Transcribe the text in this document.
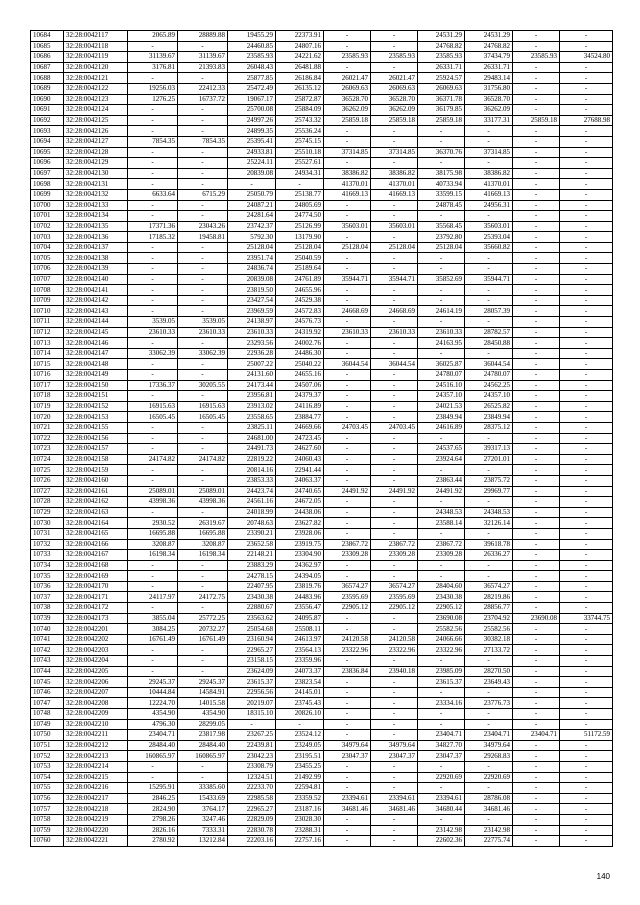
10684	32:28:0042117	2065.89	28889.88	19455.29	22373.91	-	-	24531.29	24531.29	-	-
10685	32:28:0042118	-	-	24460.85	24807.16	-	-	24768.82	24768.82	-	-
10686	32:28:0042119	31139.67	31139.67	23585.93	24221.62	23585.93	23585.93	23585.93	37434.79	23585.93	34524.80
10687	32:28:0042120	3176.81	21393.83	26048.43	26481.88	-	-	26331.71	26331.71	-	-
10688	32:28:0042121	-	-	25877.85	26186.84	26021.47	26021.47	25924.57	29483.14	-	-
10689	32:28:0042122	19256.03	22412.33	25472.49	26135.12	26069.63	26069.63	26069.63	31756.80	-	-
10690	32:28:0042123	1276.25	16737.72	19067.17	25872.87	36528.70	36528.70	36371.78	36528.70	-	-
10691	32:28:0042124	-	-	25700.08	25884.09	36262.09	36262.09	36179.85	36262.09	-	-
10692	32:28:0042125	-	-	24997.26	25743.32	25859.18	25859.18	25859.18	33177.31	25859.18	27688.98
10693	32:28:0042126	-	-	24899.35	25536.24	-	-	-	-	-	-
10694	32:28:0042127	7854.35	7854.35	25395.41	25745.15	-	-	-	-	-	-
10695	32:28:0042128	-	-	24933.81	25510.18	37314.85	37314.85	36370.76	37314.85	-	-
10696	32:28:0042129	-	-	25224.11	25527.61	-	-	-	-	-	-
10697	32:28:0042130	-	-	20839.08	24934.31	38386.82	38386.82	38175.98	38386.82	-	-
10698	32:28:0042131	-	-	-	-	41370.01	41370.01	40733.94	41370.01	-	-
10699	32:28:0042132	6633.64	6715.29	25050.79	25138.77	41669.13	41669.13	33599.15	41669.13	-	-
10700	32:28:0042133	-	-	24087.21	24805.69	-	-	24878.45	24956.31	-	-
10701	32:28:0042134	-	-	24281.64	24774.50	-	-	-	-	-	-
10702	32:28:0042135	17371.36	23043.26	23742.37	25126.99	35603.01	35603.01	35568.45	35603.01	-	-
10703	32:28:0042136	17185.32	19458.81	5792.30	13179.90	-	-	23792.80	25393.04	-	-
10704	32:28:0042137	-	-	25128.04	25128.04	25128.04	25128.04	25128.04	35660.82	-	-
10705	32:28:0042138	-	-	23951.74	25040.59	-	-	-	-	-	-
10706	32:28:0042139	-	-	24836.74	25189.64	-	-	-	-	-	-
10707	32:28:0042140	-	-	20839.08	24761.89	35944.71	35944.71	35852.69	35944.71	-	-
10708	32:28:0042141	-	-	23819.50	24655.96	-	-	-	-	-	-
10709	32:28:0042142	-	-	23427.54	24529.38	-	-	-	-	-	-
10710	32:28:0042143	-	-	23969.59	24572.83	24668.69	24668.69	24614.19	28057.39	-	-
10711	32:28:0042144	3539.05	3539.05	24138.97	24576.73	-	-	-	-	-	-
10712	32:28:0042145	23610.33	23610.33	23610.33	24319.92	23610.33	23610.33	23610.33	28782.57	-	-
10713	32:28:0042146	-	-	23293.56	24002.76	-	-	24163.95	28450.88	-	-
10714	32:28:0042147	33062.39	33062.39	22936.28	24486.30	-	-	-	-	-	-
10715	32:28:0042148	-	-	25007.22	25040.22	36044.54	36044.54	36025.87	36044.54	-	-
10716	32:28:0042149	-	-	24131.60	24655.16	-	-	24780.07	24780.07	-	-
10717	32:28:0042150	17336.37	30205.55	24173.44	24507.06	-	-	24516.10	24562.25	-	-
10718	32:28:0042151	-	-	23956.81	24379.37	-	-	24357.10	24357.10	-	-
10719	32:28:0042152	16915.63	16915.63	23913.02	24116.89	-	-	24021.53	26525.82	-	-
10720	32:28:0042153	16505.45	16505.45	23558.65	23884.77	-	-	23849.94	23849.94	-	-
10721	32:28:0042155	-	-	23825.11	24669.66	24703.45	24703.45	24616.89	28375.12	-	-
10722	32:28:0042156	-	-	24681.00	24723.45	-	-	-	-	-	-
10723	32:28:0042157	-	-	24491.73	24627.60	-	-	24537.65	39317.13	-	-
10724	32:28:0042158	24174.82	24174.82	22819.22	24060.43	-	-	23924.64	27201.01	-	-
10725	32:28:0042159	-	-	20814.16	22941.44	-	-	-	-	-	-
10726	32:28:0042160	-	-	23853.33	24063.37	-	-	23863.44	23875.72	-	-
10727	32:28:0042161	25089.01	25089.01	24423.74	24740.65	24491.92	24491.92	24491.92	29969.77	-	-
10728	32:28:0042162	43998.36	43998.36	24561.16	24672.05	-	-	-	-	-	-
10729	32:28:0042163	-	-	24018.99	24438.06	-	-	24348.53	24348.53	-	-
10730	32:28:0042164	2930.52	26319.67	20748.63	23627.82	-	-	23588.14	32126.14	-	-
10731	32:28:0042165	16695.88	16695.88	23390.21	23928.06	-	-	-	-	-	-
10732	32:28:0042166	3208.87	3208.87	23652.58	23919.75	23867.72	23867.72	23867.72	39618.78	-	-
10733	32:28:0042167	16198.34	16198.34	22148.21	23304.90	23309.28	23309.28	23309.28	26336.27	-	-
10734	32:28:0042168	-	-	23883.29	24362.97	-	-	-	-	-	-
10735	32:28:0042169	-	-	24278.15	24394.05	-	-	-	-	-	-
10736	32:28:0042170	-	-	22407.95	23819.76	36574.27	36574.27	28404.60	36574.27	-	-
10737	32:28:0042171	24117.97	24172.75	23430.38	24483.96	23595.69	23595.69	23430.38	28219.86	-	-
10738	32:28:0042172	-	-	22880.67	23556.47	22905.12	22905.12	22905.12	28856.77	-	-
10739	32:28:0042173	3855.04	25772.25	23563.62	24095.87	-	-	23690.08	23704.92	23690.08	33744.75
10740	32:28:0042201	3084.25	20732.27	25054.68	25508.11	-	-	25582.56	25582.56	-	-
10741	32:28:0042202	16761.49	16761.49	23160.94	24613.97	24120.58	24120.58	24066.66	30382.18	-	-
10742	32:28:0042203	-	-	22965.27	23564.13	23322.96	23322.96	23322.96	27133.72	-	-
10743	32:28:0042204	-	-	23158.15	23359.96	-	-	-	-	-	-
10744	32:28:0042205	-	-	23624.09	24073.37	23836.84	23940.18	23985.09	28270.50	-	-
10745	32:28:0042206	29245.37	29245.37	23615.37	23823.54	-	-	23615.37	23649.43	-	-
10746	32:28:0042207	10444.84	14584.91	22956.56	24145.01	-	-	-	-	-	-
10747	32:28:0042208	12224.70	14015.58	20219.07	23745.43	-	-	23334.16	23776.73	-	-
10748	32:28:0042209	4354.90	4354.90	18315.10	20826.10	-	-	-	-	-	-
10749	32:28:0042210	4796.30	28299.05	-	-	-	-	-	-	-	-
10750	32:28:0042211	23404.71	23817.98	23267.25	23524.12	-	-	23404.71	23404.71	23404.71	51172.59
10751	32:28:0042212	28484.40	28484.40	22439.81	23249.05	34979.64	34979.64	34827.70	34979.64	-	-
10752	32:28:0042213	160865.97	160865.97	23042.23	23195.51	23047.37	23047.37	23047.37	29268.83	-	-
10753	32:28:0042214	-	-	23308.79	23455.25	-	-	-	-	-	-
10754	32:28:0042215	-	-	12324.51	21492.99	-	-	22920.69	22920.69	-	-
10755	32:28:0042216	15295.91	33385.60	22233.70	22594.81	-	-	-	-	-	-
10756	32:28:0042217	2846.25	15433.69	22985.58	23359.52	23394.61	23394.61	23394.61	28786.08	-	-
10757	32:28:0042218	2824.90	3764.17	22965.27	23187.16	34681.46	34681.46	34680.44	34681.46	-	-
10758	32:28:0042219	2798.26	3247.46	22829.09	23028.30	-	-	-	-	-	-
10759	32:28:0042220	2826.16	7333.31	22830.78	23288.31	-	-	23142.98	23142.98	-	-
10760	32:28:0042221	2780.92	13212.84	22203.16	22757.16	-	-	22602.36	22775.74	-	-
140
